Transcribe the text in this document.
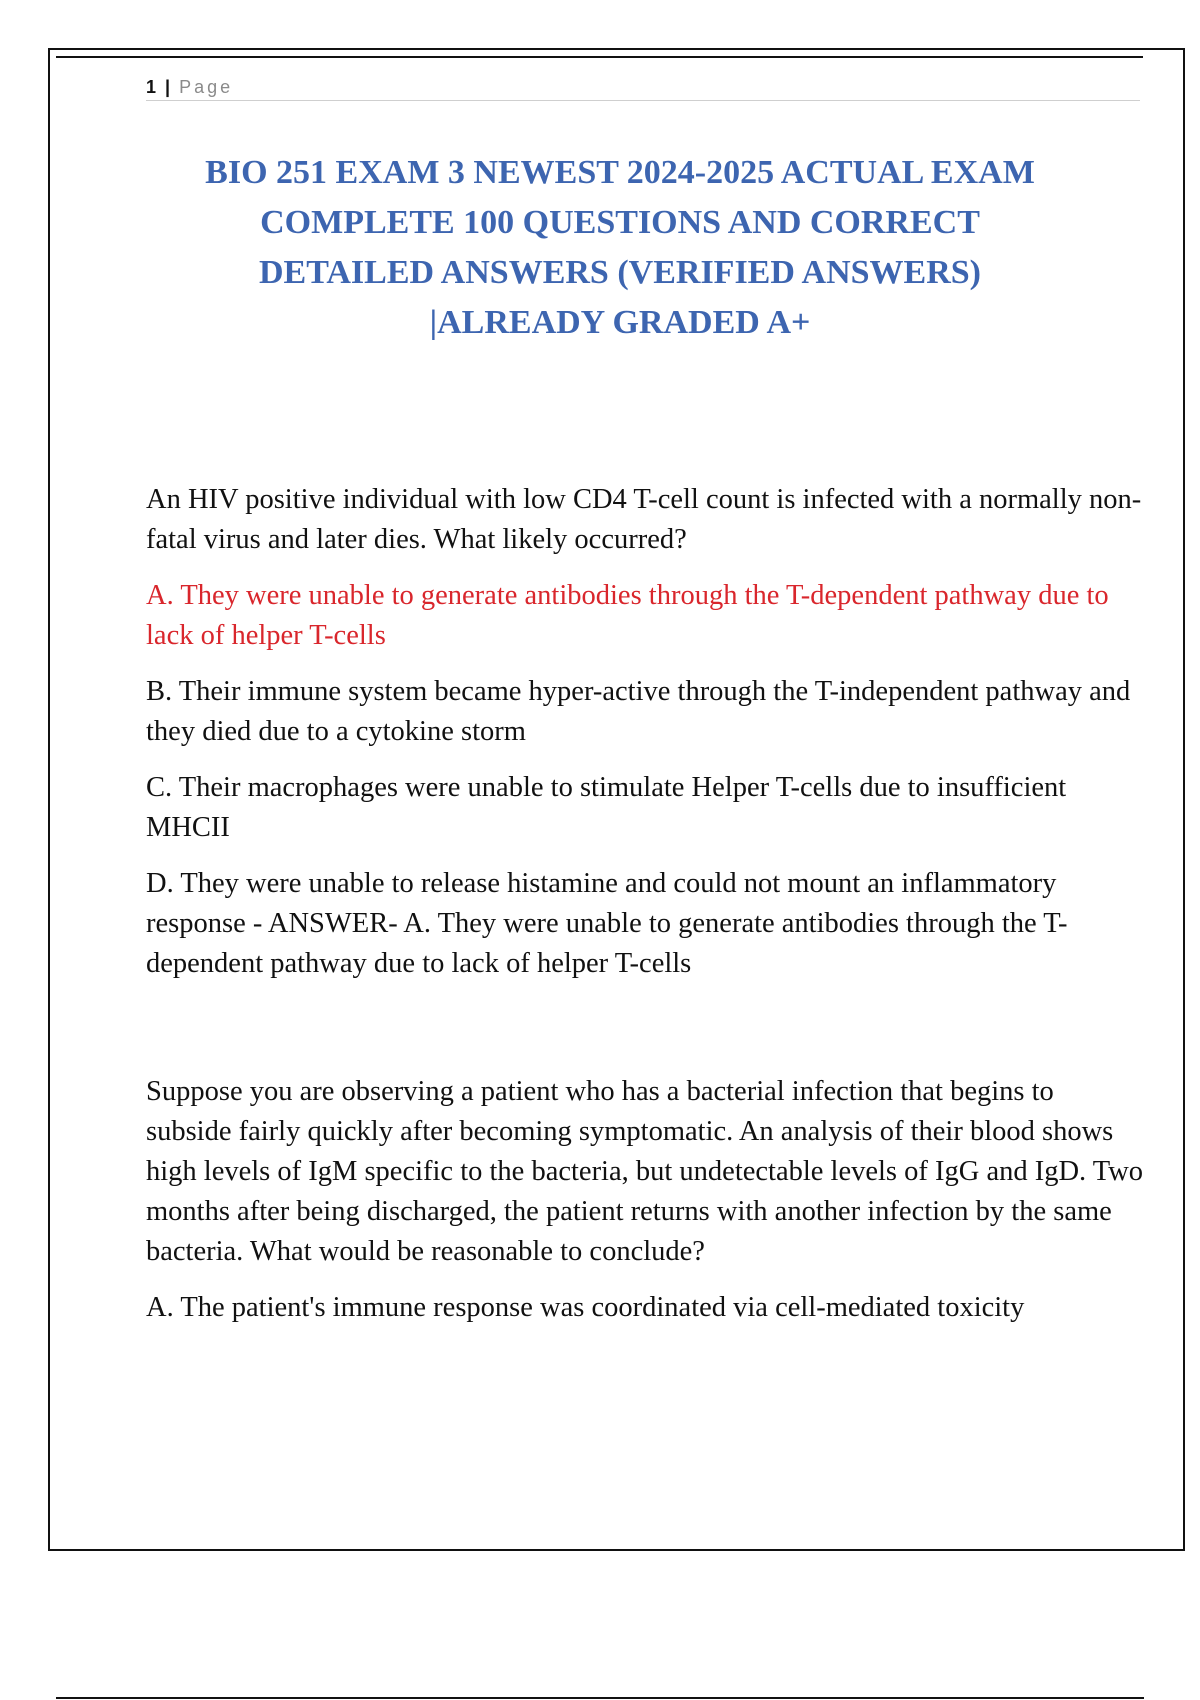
1 | Page
BIO 251 EXAM 3 NEWEST 2024-2025 ACTUAL EXAM
COMPLETE 100 QUESTIONS AND CORRECT
DETAILED ANSWERS (VERIFIED ANSWERS)
|ALREADY GRADED A+

An HIV positive individual with low CD4 T-cell count is infected with a normally non-fatal virus and later dies. What likely occurred?

A. They were unable to generate antibodies through the T-dependent pathway due to lack of helper T-cells

B. Their immune system became hyper-active through the T-independent pathway and they died due to a cytokine storm

C. Their macrophages were unable to stimulate Helper T-cells due to insufficient MHCII

D. They were unable to release histamine and could not mount an inflammatory response - ANSWER- A. They were unable to generate antibodies through the T-dependent pathway due to lack of helper T-cells

Suppose you are observing a patient who has a bacterial infection that begins to subside fairly quickly after becoming symptomatic. An analysis of their blood shows high levels of IgM specific to the bacteria, but undetectable levels of IgG and IgD. Two months after being discharged, the patient returns with another infection by the same bacteria. What would be reasonable to conclude?

A. The patient's immune response was coordinated via cell-mediated toxicity
